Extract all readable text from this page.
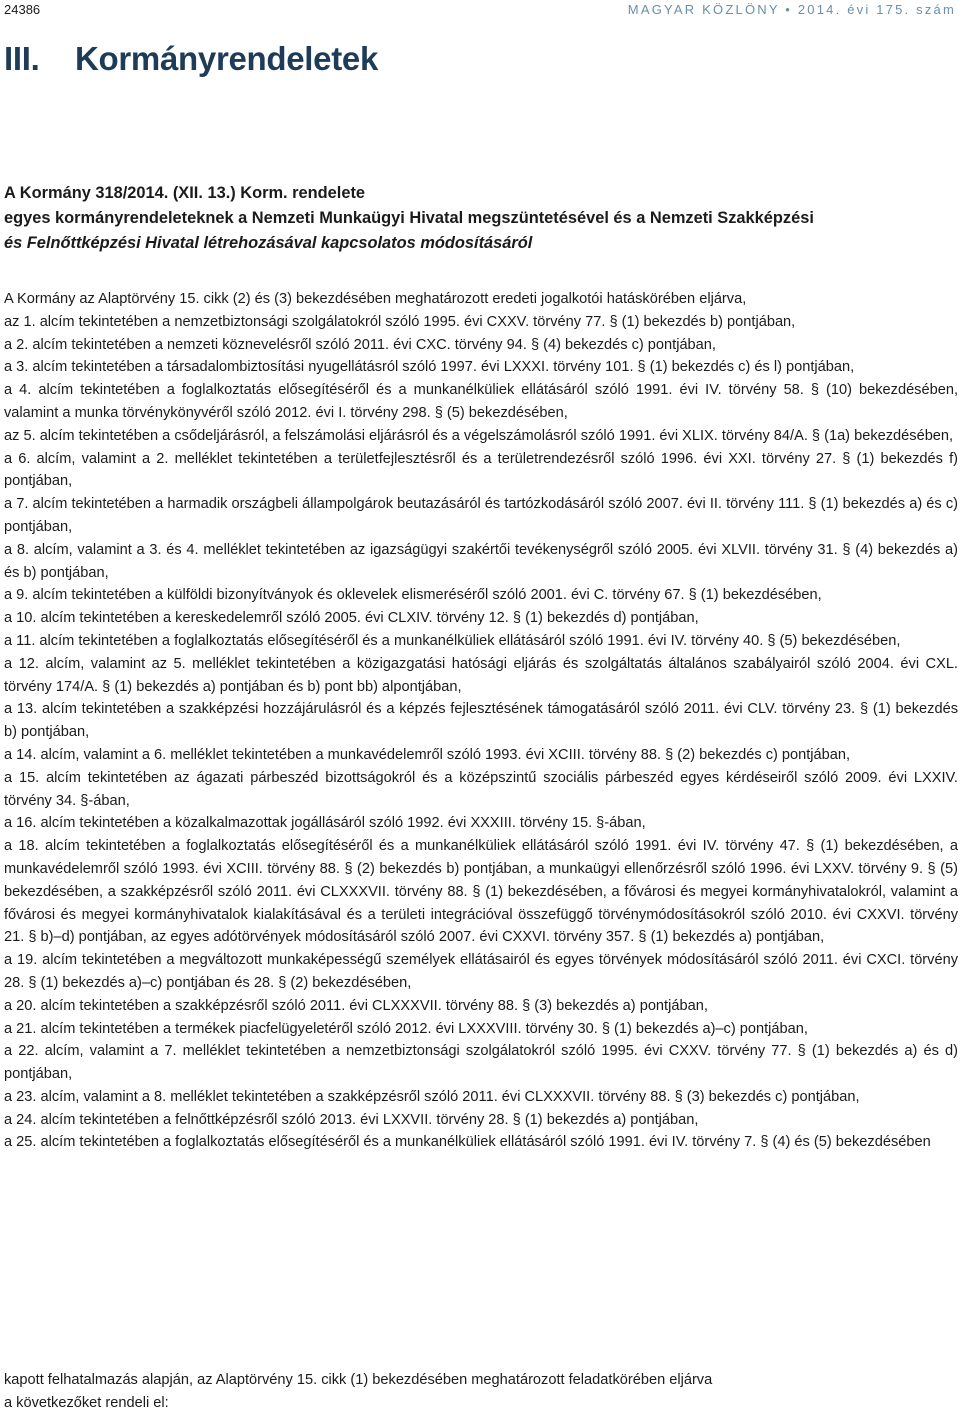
24386	MAGYAR KÖZLÖNY • 2014. évi 175. szám
III. Kormányrendeletek
A Kormány 318/2014. (XII. 13.) Korm. rendelete
egyes kormányrendeleteknek a Nemzeti Munkaügyi Hivatal megszüntetésével és a Nemzeti Szakképzési
és Felnőttképzési Hivatal létrehozásával kapcsolatos módosításáról

A Kormány az Alaptörvény 15. cikk (2) és (3) bekezdésében meghatározott eredeti jogalkotói hatáskörében eljárva,

az 1. alcím tekintetében a nemzetbiztonsági szolgálatokról szóló 1995. évi CXXV. törvény 77. § (1) bekezdés b) pontjában,

a 2. alcím tekintetében a nemzeti köznevelésről szóló 2011. évi CXC. törvény 94. § (4) bekezdés c) pontjában,

a 3. alcím tekintetében a társadalombiztosítási nyugellátásról szóló 1997. évi LXXXI. törvény 101. § (1) bekezdés c) és l) pontjában,

a 4. alcím tekintetében a foglalkoztatás elősegítéséről és a munkanélküliek ellátásáról szóló 1991. évi IV. törvény 58. § (10) bekezdésében, valamint a munka törvénykönyvéről szóló 2012. évi I. törvény 298. § (5) bekezdésében,

az 5. alcím tekintetében a csődeljárásról, a felszámolási eljárásról és a végelszámolásról szóló 1991. évi XLIX. törvény 84/A. § (1a) bekezdésében,

a 6. alcím, valamint a 2. melléklet tekintetében a területfejlesztésről és a területrendezésről szóló 1996. évi XXI. törvény 27. § (1) bekezdés f) pontjában,

a 7. alcím tekintetében a harmadik országbeli állampolgárok beutazásáról és tartózkodásáról szóló 2007. évi II. törvény 111. § (1) bekezdés a) és c) pontjában,

a 8. alcím, valamint a 3. és 4. melléklet tekintetében az igazságügyi szakértői tevékenységről szóló 2005. évi XLVII. törvény 31. § (4) bekezdés a) és b) pontjában,

a 9. alcím tekintetében a külföldi bizonyítványok és oklevelek elismeréséről szóló 2001. évi C. törvény 67. § (1) bekezdésében,

a 10. alcím tekintetében a kereskedelemről szóló 2005. évi CLXIV. törvény 12. § (1) bekezdés d) pontjában,

a 11. alcím tekintetében a foglalkoztatás elősegítéséről és a munkanélküliek ellátásáról szóló 1991. évi IV. törvény 40. § (5) bekezdésében,

a 12. alcím, valamint az 5. melléklet tekintetében a közigazgatási hatósági eljárás és szolgáltatás általános szabályairól szóló 2004. évi CXL. törvény 174/A. § (1) bekezdés a) pontjában és b) pont bb) alpontjában,

a 13. alcím tekintetében a szakképzési hozzájárulásról és a képzés fejlesztésének támogatásáról szóló 2011. évi CLV. törvény 23. § (1) bekezdés b) pontjában,

a 14. alcím, valamint a 6. melléklet tekintetében a munkavédelemről szóló 1993. évi XCIII. törvény 88. § (2) bekezdés c) pontjában,

a 15. alcím tekintetében az ágazati párbeszéd bizottságokról és a középszintű szociális párbeszéd egyes kérdéseiről szóló 2009. évi LXXIV. törvény 34. §-ában,

a 16. alcím tekintetében a közalkalmazottak jogállásáról szóló 1992. évi XXXIII. törvény 15. §-ában,

a 18. alcím tekintetében a foglalkoztatás elősegítéséről és a munkanélküliek ellátásáról szóló 1991. évi IV. törvény 47. § (1) bekezdésében, a munkavédelemről szóló 1993. évi XCIII. törvény 88. § (2) bekezdés b) pontjában, a munkaügyi ellenőrzésről szóló 1996. évi LXXV. törvény 9. § (5) bekezdésében, a szakképzésről szóló 2011. évi CLXXXVII. törvény 88. § (1) bekezdésében, a fővárosi és megyei kormányhivatalokról, valamint a fővárosi és megyei kormányhivatalok kialakításával és a területi integrációval összefüggő törvénymódosításokról szóló 2010. évi CXXVI. törvény 21. § b)–d) pontjában, az egyes adótörvények módosításáról szóló 2007. évi CXXVI. törvény 357. § (1) bekezdés a) pontjában,

a 19. alcím tekintetében a megváltozott munkaképességű személyek ellátásairól és egyes törvények módosításáról szóló 2011. évi CXCI. törvény 28. § (1) bekezdés a)–c) pontjában és 28. § (2) bekezdésében,

a 20. alcím tekintetében a szakképzésről szóló 2011. évi CLXXXVII. törvény 88. § (3) bekezdés a) pontjában,

a 21. alcím tekintetében a termékek piacfelügyeletéről szóló 2012. évi LXXXVIII. törvény 30. § (1) bekezdés a)–c) pontjában,

a 22. alcím, valamint a 7. melléklet tekintetében a nemzetbiztonsági szolgálatokról szóló 1995. évi CXXV. törvény 77. § (1) bekezdés a) és d) pontjában,

a 23. alcím, valamint a 8. melléklet tekintetében a szakképzésről szóló 2011. évi CLXXXVII. törvény 88. § (3) bekezdés c) pontjában,

a 24. alcím tekintetében a felnőttképzésről szóló 2013. évi LXXVII. törvény 28. § (1) bekezdés a) pontjában,

a 25. alcím tekintetében a foglalkoztatás elősegítéséről és a munkanélküliek ellátásáról szóló 1991. évi IV. törvény 7. § (4) és (5) bekezdésében

kapott felhatalmazás alapján, az Alaptörvény 15. cikk (1) bekezdésében meghatározott feladatkörében eljárva

a következőket rendeli el:
